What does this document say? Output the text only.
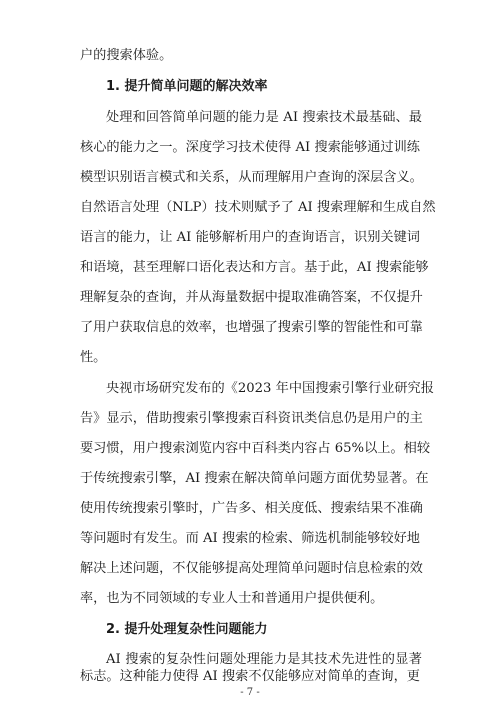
户的搜索体验。
1. 提升简单问题的解决效率
处理和回答简单问题的能力是 AI 搜索技术最基础、最
核心的能力之一。深度学习技术使得 AI 搜索能够通过训练
模型识别语言模式和关系，从而理解用户查询的深层含义。
自然语言处理（NLP）技术则赋予了 AI 搜索理解和生成自然
语言的能力，让 AI 能够解析用户的查询语言，识别关键词
和语境，甚至理解口语化表达和方言。基于此，AI 搜索能够
理解复杂的查询，并从海量数据中提取准确答案，不仅提升
了用户获取信息的效率，也增强了搜索引擎的智能性和可靠
性。
央视市场研究发布的《2023 年中国搜索引擎行业研究报
告》显示，借助搜索引擎搜索百科资讯类信息仍是用户的主
要习惯，用户搜索浏览内容中百科类内容占 65%以上。相较
于传统搜索引擎，AI 搜索在解决简单问题方面优势显著。在
使用传统搜索引擎时，广告多、相关度低、搜索结果不准确
等问题时有发生。而 AI 搜索的检索、筛选机制能够较好地
解决上述问题，不仅能够提高处理简单问题时信息检索的效
率，也为不同领域的专业人士和普通用户提供便利。
2. 提升处理复杂性问题能力
AI 搜索的复杂性问题处理能力是其技术先进性的显著
标志。这种能力使得 AI 搜索不仅能够应对简单的查询，更
- 7 -
